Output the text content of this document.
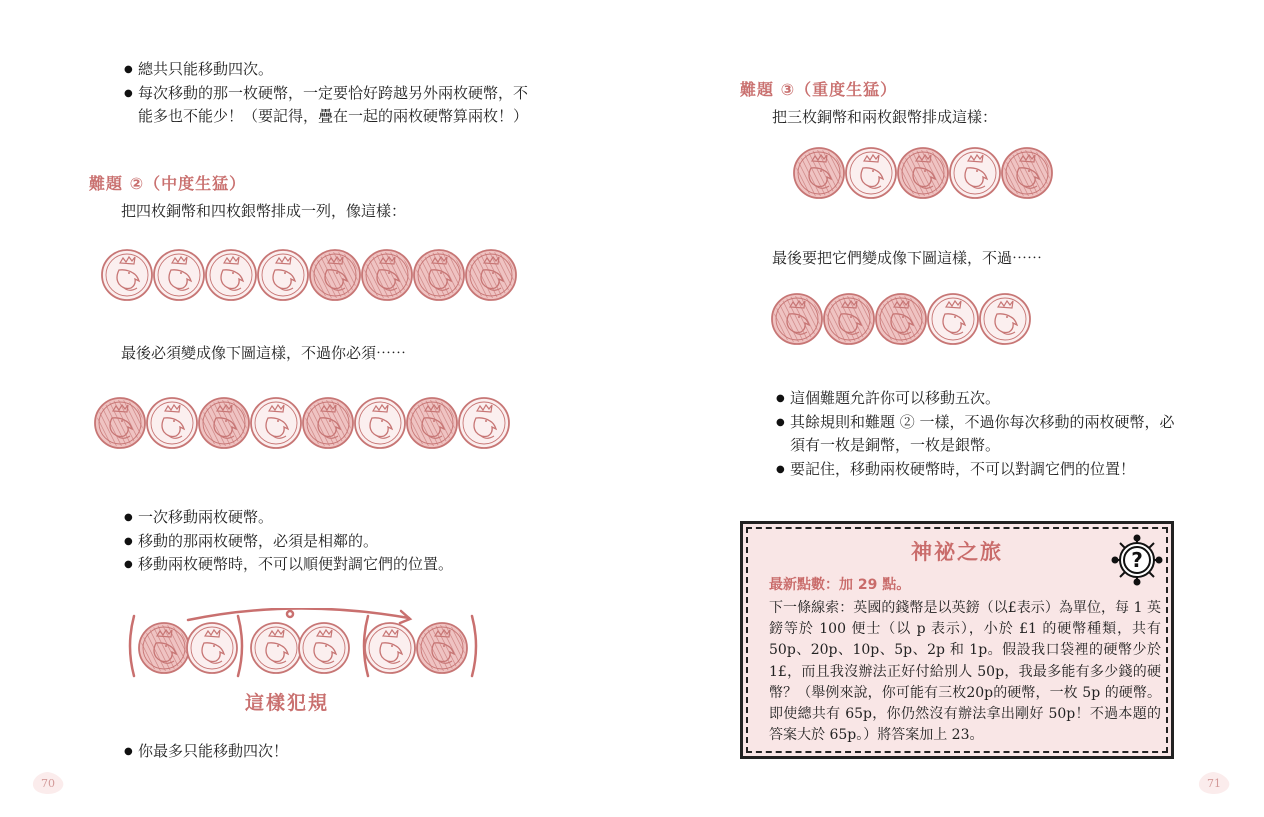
● 總共只能移動四次。
● 每次移動的那一枚硬幣，一定要恰好跨越另外兩枚硬幣，不能多也不能少！（要記得，疊在一起的兩枚硬幣算兩枚！）
難題 ②（中度生猛）
把四枚銅幣和四枚銀幣排成一列，像這樣：
最後必須變成像下圖這樣，不過你必須⋯⋯
● 一次移動兩枚硬幣。
● 移動的那兩枚硬幣，必須是相鄰的。
● 移動兩枚硬幣時，不可以順便對調它們的位置。
這樣犯規
● 你最多只能移動四次！
70
難題 ③（重度生猛）
把三枚銅幣和兩枚銀幣排成這樣：
最後要把它們變成像下圖這樣，不過⋯⋯
● 這個難題允許你可以移動五次。
● 其餘規則和難題 ② 一樣，不過你每次移動的兩枚硬幣，必須有一枚是銅幣，一枚是銀幣。
● 要記住，移動兩枚硬幣時，不可以對調它們的位置！
71
神祕之旅	?
最新點數：加 29 點。
下一條線索：英國的錢幣是以英鎊（以£表示）為單位，每 1 英鎊等於 100 便士（以 p 表示），小於 £1 的硬幣種類，共有50p、20p、10p、5p、2p 和 1p。假設我口袋裡的硬幣少於1£，而且我沒辦法正好付給別人 50p，我最多能有多少錢的硬幣？（舉例來說，你可能有三枚20p的硬幣，一枚 5p 的硬幣。即使總共有 65p，你仍然沒有辦法拿出剛好 50p！不過本題的答案大於 65p。）將答案加上 23。
